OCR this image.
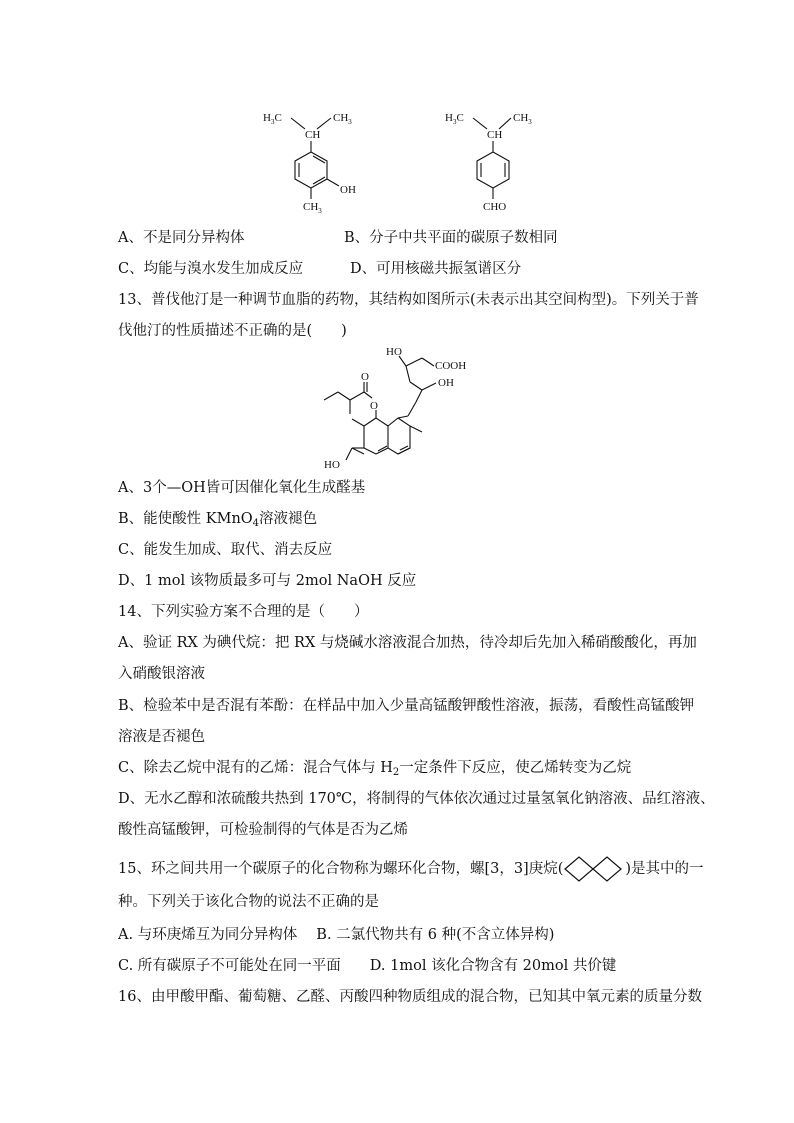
$H_3C$	$CH_3$
CH
OH
$CH_3$
$H_3C$	$CH_3$
CH
CHO
A、不是同分异构体	B、分子中共平面的碳原子数相同
C、均能与溴水发生加成反应	D、可用核磁共振氢谱区分
13、普伐他汀是一种调节血脂的药物，其结构如图所示(未表示出其空间构型)。下列关于普
伐他汀的性质描述不正确的是(　　)
HO
COOH
OH
O
O
HO
A、3个—OH皆可因催化氧化生成醛基
B、能使酸性 KMnO$_4$溶液褪色
C、能发生加成、取代、消去反应
D、1 mol 该物质最多可与 2mol NaOH 反应
14、下列实验方案不合理的是（　　）
A、验证 RX 为碘代烷：把 RX 与烧碱水溶液混合加热，待冷却后先加入稀硝酸酸化，再加
入硝酸银溶液
B、检验苯中是否混有苯酚：在样品中加入少量高锰酸钾酸性溶液，振荡，看酸性高锰酸钾
溶液是否褪色
C、除去乙烷中混有的乙烯：混合气体与 $H_2$一定条件下反应，使乙烯转变为乙烷
D、无水乙醇和浓硫酸共热到 170℃，将制得的气体依次通过过量氢氧化钠溶液、品红溶液、
酸性高锰酸钾，可检验制得的气体是否为乙烯
15、环之间共用一个碳原子的化合物称为螺环化合物，螺[3，3]庚烷(	)是其中的一
种。下列关于该化合物的说法不正确的是
A. 与环庚烯互为同分异构体　 B. 二氯代物共有 6 种(不含立体异构)
C. 所有碳原子不可能处在同一平面　　D. 1mol 该化合物含有 20mol 共价键
16、由甲酸甲酯、葡萄糖、乙醛、丙酸四种物质组成的混合物，已知其中氧元素的质量分数
